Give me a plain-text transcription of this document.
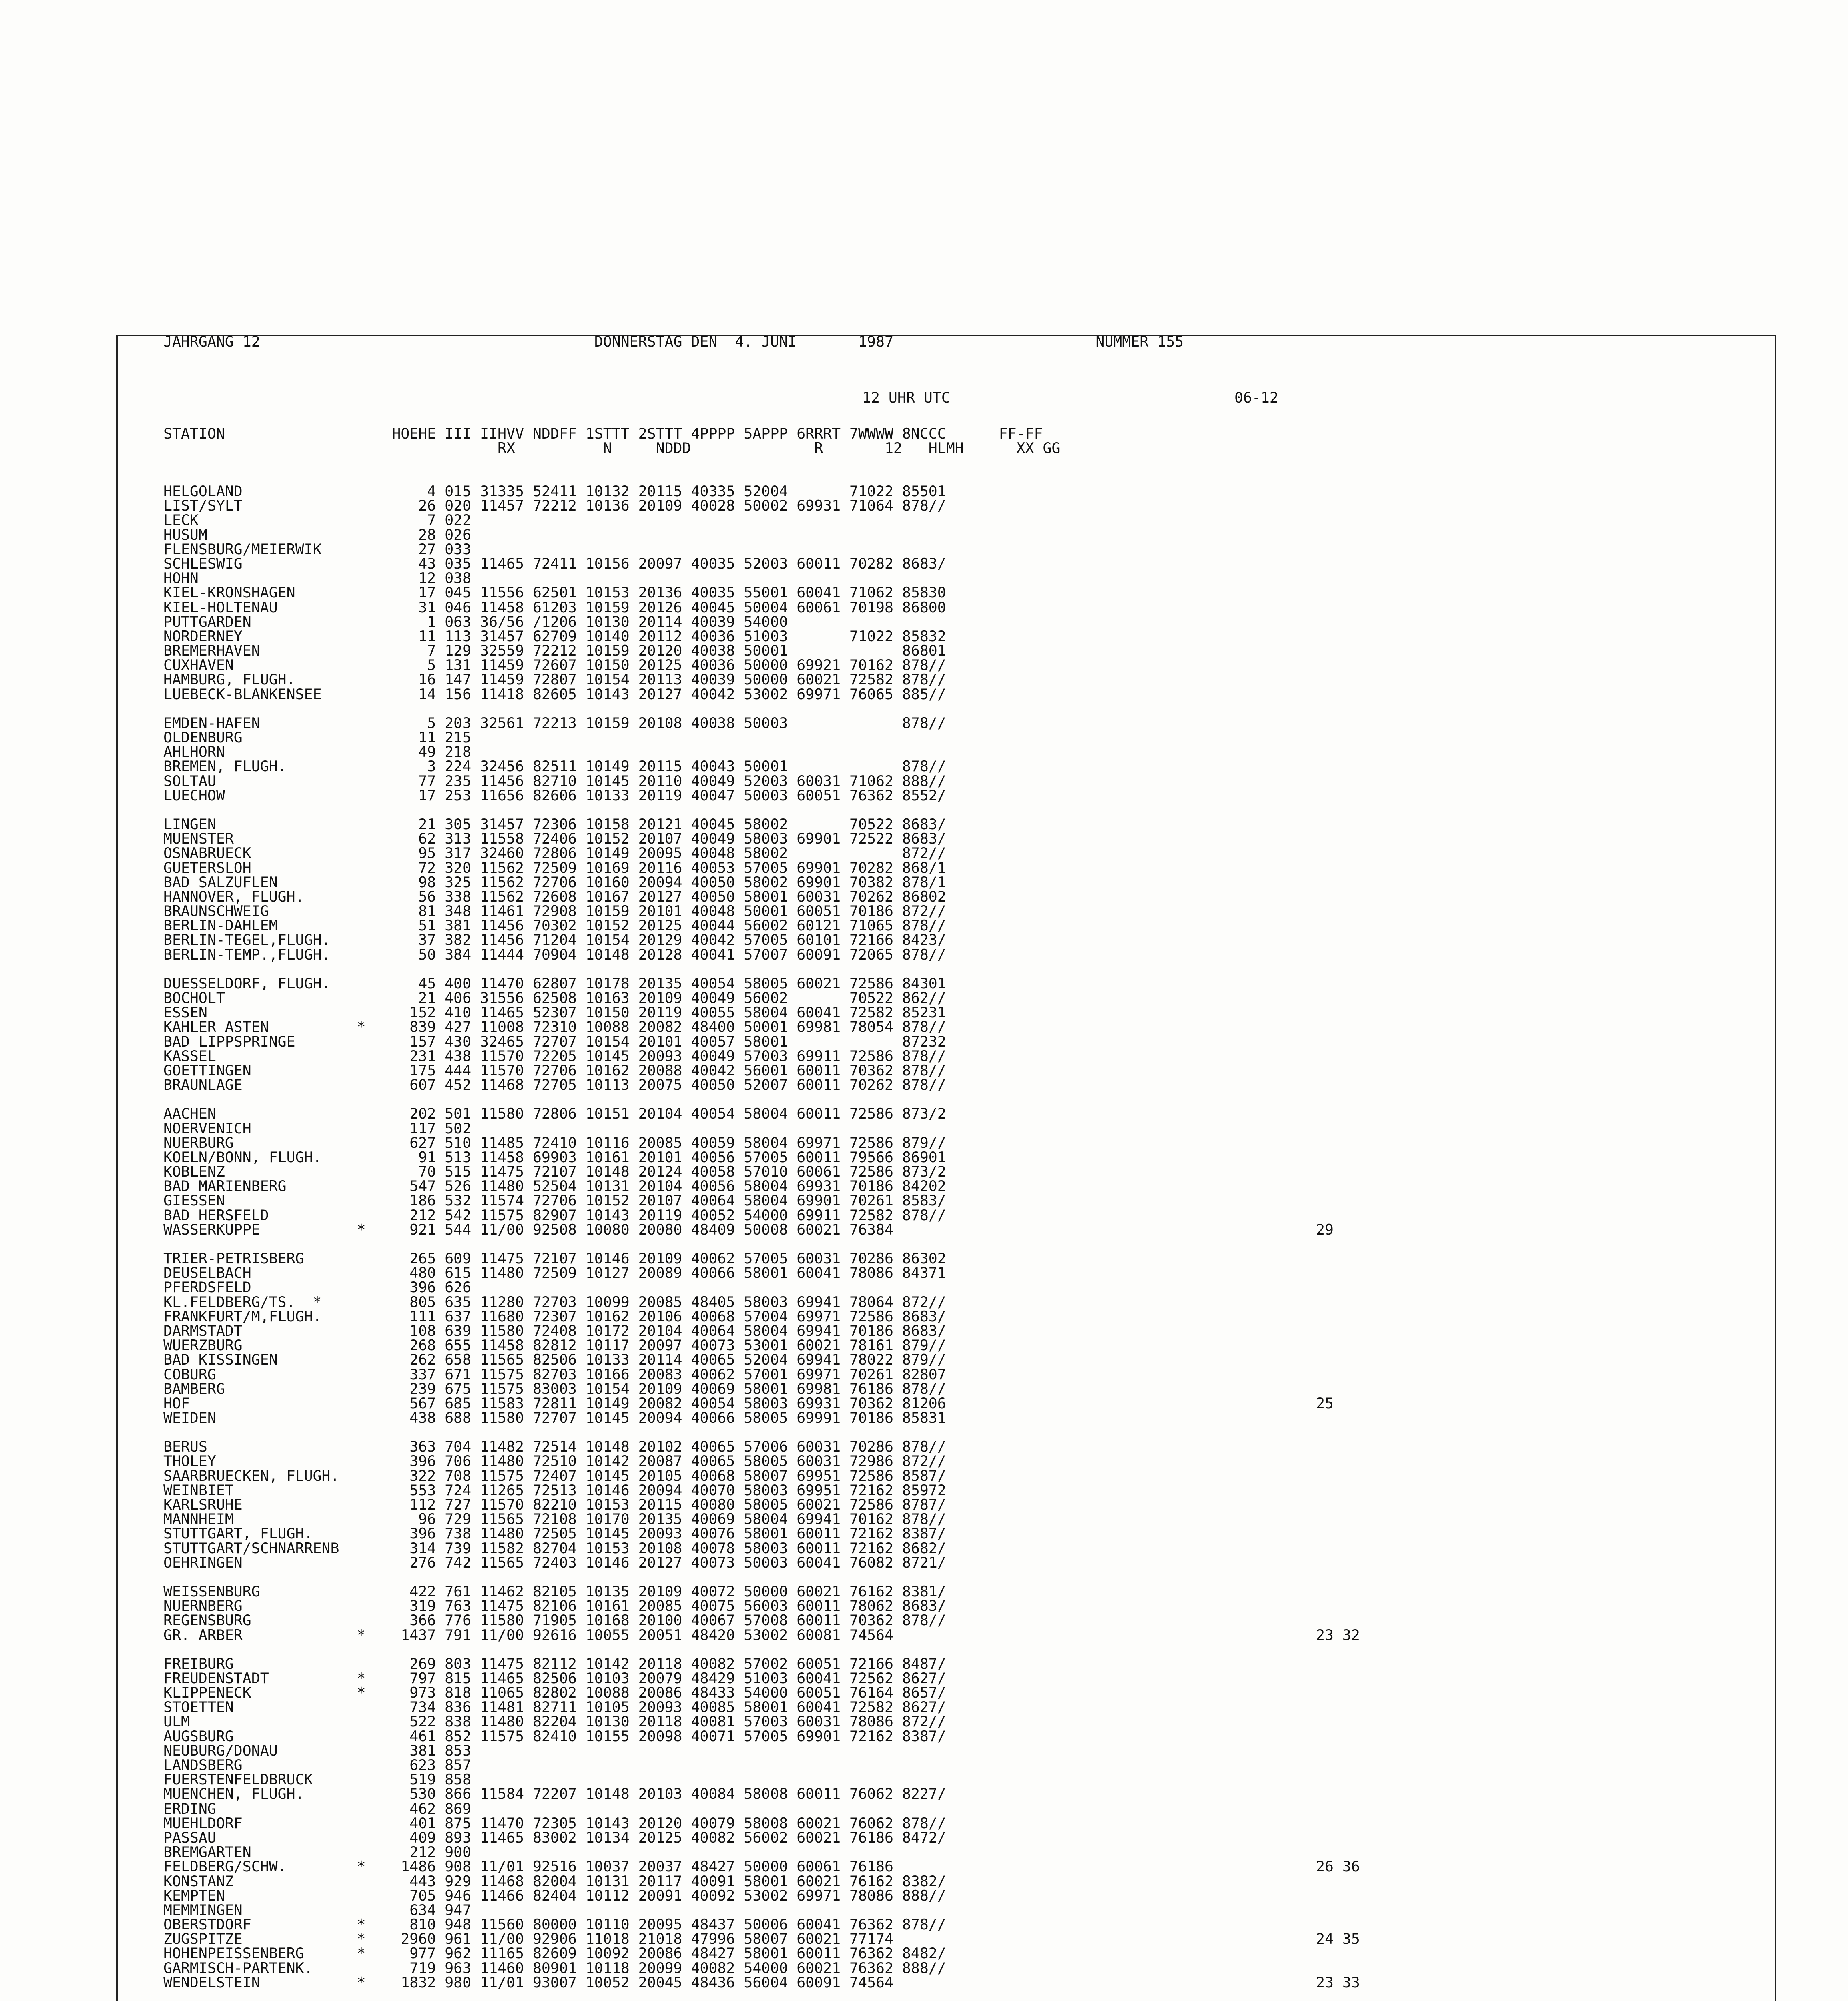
JAHRGANG 12	DONNERSTAG DEN  4. JUNI       1987	NUMMER 155
12 UHR UTC	06-12
STATION                   HOEHE III IIHVV NDDFF 1STTT 2STTT 4PPPP 5APPP 6RRRT 7WWWW 8NCCC      FF-FF
RX          N     NDDD              R       12   HLMH      XX GG
HELGOLAND                     4 015 31335 52411 10132 20115 40335 52004       71022 85501
LIST/SYLT                    26 020 11457 72212 10136 20109 40028 50002 69931 71064 878//
LECK                          7 022
HUSUM                        28 026
FLENSBURG/MEIERWIK           27 033
SCHLESWIG                    43 035 11465 72411 10156 20097 40035 52003 60011 70282 8683/
HOHN                         12 038
KIEL-KRONSHAGEN              17 045 11556 62501 10153 20136 40035 55001 60041 71062 85830
KIEL-HOLTENAU                31 046 11458 61203 10159 20126 40045 50004 60061 70198 86800
PUTTGARDEN                    1 063 36/56 /1206 10130 20114 40039 54000
NORDERNEY                    11 113 31457 62709 10140 20112 40036 51003       71022 85832
BREMERHAVEN                   7 129 32559 72212 10159 20120 40038 50001             86801
CUXHAVEN                      5 131 11459 72607 10150 20125 40036 50000 69921 70162 878//
HAMBURG, FLUGH.              16 147 11459 72807 10154 20113 40039 50000 60021 72582 878//
LUEBECK-BLANKENSEE           14 156 11418 82605 10143 20127 40042 53002 69971 76065 885//
EMDEN-HAFEN                   5 203 32561 72213 10159 20108 40038 50003             878//
OLDENBURG                    11 215
AHLHORN                      49 218
BREMEN, FLUGH.                3 224 32456 82511 10149 20115 40043 50001             878//
SOLTAU                       77 235 11456 82710 10145 20110 40049 52003 60031 71062 888//
LUECHOW                      17 253 11656 82606 10133 20119 40047 50003 60051 76362 8552/
LINGEN                       21 305 31457 72306 10158 20121 40045 58002       70522 8683/
MUENSTER                     62 313 11558 72406 10152 20107 40049 58003 69901 72522 8683/
OSNABRUECK                   95 317 32460 72806 10149 20095 40048 58002             872//
GUETERSLOH                   72 320 11562 72509 10169 20116 40053 57005 69901 70282 868/1
BAD SALZUFLEN                98 325 11562 72706 10160 20094 40050 58002 69901 70382 878/1
HANNOVER, FLUGH.             56 338 11562 72608 10167 20127 40050 58001 60031 70262 86802
BRAUNSCHWEIG                 81 348 11461 72908 10159 20101 40048 50001 60051 70186 872//
BERLIN-DAHLEM                51 381 11456 70302 10152 20125 40044 56002 60121 71065 878//
BERLIN-TEGEL,FLUGH.          37 382 11456 71204 10154 20129 40042 57005 60101 72166 8423/
BERLIN-TEMP.,FLUGH.          50 384 11444 70904 10148 20128 40041 57007 60091 72065 878//
DUESSELDORF, FLUGH.          45 400 11470 62807 10178 20135 40054 58005 60021 72586 84301
BOCHOLT                      21 406 31556 62508 10163 20109 40049 56002       70522 862//
ESSEN                       152 410 11465 52307 10150 20119 40055 58004 60041 72582 85231
KAHLER ASTEN          *     839 427 11008 72310 10088 20082 48400 50001 69981 78054 878//
BAD LIPPSPRINGE             157 430 32465 72707 10154 20101 40057 58001             87232
KASSEL                      231 438 11570 72205 10145 20093 40049 57003 69911 72586 878//
GOETTINGEN                  175 444 11570 72706 10162 20088 40042 56001 60011 70362 878//
BRAUNLAGE                   607 452 11468 72705 10113 20075 40050 52007 60011 70262 878//
AACHEN                      202 501 11580 72806 10151 20104 40054 58004 60011 72586 873/2
NOERVENICH                  117 502
NUERBURG                    627 510 11485 72410 10116 20085 40059 58004 69971 72586 879//
KOELN/BONN, FLUGH.           91 513 11458 69903 10161 20101 40056 57005 60011 79566 86901
KOBLENZ                      70 515 11475 72107 10148 20124 40058 57010 60061 72586 873/2
BAD MARIENBERG              547 526 11480 52504 10131 20104 40056 58004 69931 70186 84202
GIESSEN                     186 532 11574 72706 10152 20107 40064 58004 69901 70261 8583/
BAD HERSFELD                212 542 11575 82907 10143 20119 40052 54000 69911 72582 878//
WASSERKUPPE           *     921 544 11/00 92508 10080 20080 48409 50008 60021 76384	29
TRIER-PETRISBERG            265 609 11475 72107 10146 20109 40062 57005 60031 70286 86302
DEUSELBACH                  480 615 11480 72509 10127 20089 40066 58001 60041 78086 84371
PFERDSFELD                  396 626
KL.FELDBERG/TS.  *          805 635 11280 72703 10099 20085 48405 58003 69941 78064 872//
FRANKFURT/M,FLUGH.          111 637 11680 72307 10162 20106 40068 57004 69971 72586 8683/
DARMSTADT                   108 639 11580 72408 10172 20104 40064 58004 69941 70186 8683/
WUERZBURG                   268 655 11458 82812 10117 20097 40073 53001 60021 78161 879//
BAD KISSINGEN               262 658 11565 82506 10133 20114 40065 52004 69941 78022 879//
COBURG                      337 671 11575 82703 10166 20083 40062 57001 69971 70261 82807
BAMBERG                     239 675 11575 83003 10154 20109 40069 58001 69981 76186 878//
HOF                         567 685 11583 72811 10149 20082 40054 58003 69931 70362 81206	25
WEIDEN                      438 688 11580 72707 10145 20094 40066 58005 69991 70186 85831
BERUS                       363 704 11482 72514 10148 20102 40065 57006 60031 70286 878//
THOLEY                      396 706 11480 72510 10142 20087 40065 58005 60031 72986 872//
SAARBRUECKEN, FLUGH.        322 708 11575 72407 10145 20105 40068 58007 69951 72586 8587/
WEINBIET                    553 724 11265 72513 10146 20094 40070 58003 69951 72162 85972
KARLSRUHE                   112 727 11570 82210 10153 20115 40080 58005 60021 72586 8787/
MANNHEIM                     96 729 11565 72108 10170 20135 40069 58004 69941 70162 878//
STUTTGART, FLUGH.           396 738 11480 72505 10145 20093 40076 58001 60011 72162 8387/
STUTTGART/SCHNARRENB        314 739 11582 82704 10153 20108 40078 58003 60011 72162 8682/
OEHRINGEN                   276 742 11565 72403 10146 20127 40073 50003 60041 76082 8721/
WEISSENBURG                 422 761 11462 82105 10135 20109 40072 50000 60021 76162 8381/
NUERNBERG                   319 763 11475 82106 10161 20085 40075 56003 60011 78062 8683/
REGENSBURG                  366 776 11580 71905 10168 20100 40067 57008 60011 70362 878//
GR. ARBER             *    1437 791 11/00 92616 10055 20051 48420 53002 60081 74564	23 32
FREIBURG                    269 803 11475 82112 10142 20118 40082 57002 60051 72166 8487/
FREUDENSTADT          *     797 815 11465 82506 10103 20079 48429 51003 60041 72562 8627/
KLIPPENECK            *     973 818 11065 82802 10088 20086 48433 54000 60051 76164 8657/
STOETTEN                    734 836 11481 82711 10105 20093 40085 58001 60041 72582 8627/
ULM                         522 838 11480 82204 10130 20118 40081 57003 60031 78086 872//
AUGSBURG                    461 852 11575 82410 10155 20098 40071 57005 69901 72162 8387/
NEUBURG/DONAU               381 853
LANDSBERG                   623 857
FUERSTENFELDBRUCK           519 858
MUENCHEN, FLUGH.            530 866 11584 72207 10148 20103 40084 58008 60011 76062 8227/
ERDING                      462 869
MUEHLDORF                   401 875 11470 72305 10143 20120 40079 58008 60021 76062 878//
PASSAU                      409 893 11465 83002 10134 20125 40082 56002 60021 76186 8472/
BREMGARTEN                  212 900
FELDBERG/SCHW.        *    1486 908 11/01 92516 10037 20037 48427 50000 60061 76186	26 36
KONSTANZ                    443 929 11468 82004 10131 20117 40091 58001 60021 76162 8382/
KEMPTEN                     705 946 11466 82404 10112 20091 40092 53002 69971 78086 888//
MEMMINGEN                   634 947
OBERSTDORF            *     810 948 11560 80000 10110 20095 48437 50006 60041 76362 878//
ZUGSPITZE             *    2960 961 11/00 92906 11018 21018 47996 58007 60021 77174	24 35
HOHENPEISSENBERG      *     977 962 11165 82609 10092 20086 48427 58001 60011 76362 8482/
GARMISCH-PARTENK.           719 963 11460 80901 10118 20099 40082 54000 60021 76362 888//
WENDELSTEIN           *    1832 980 11/01 93007 10052 20045 48436 56004 60091 74564	23 33
